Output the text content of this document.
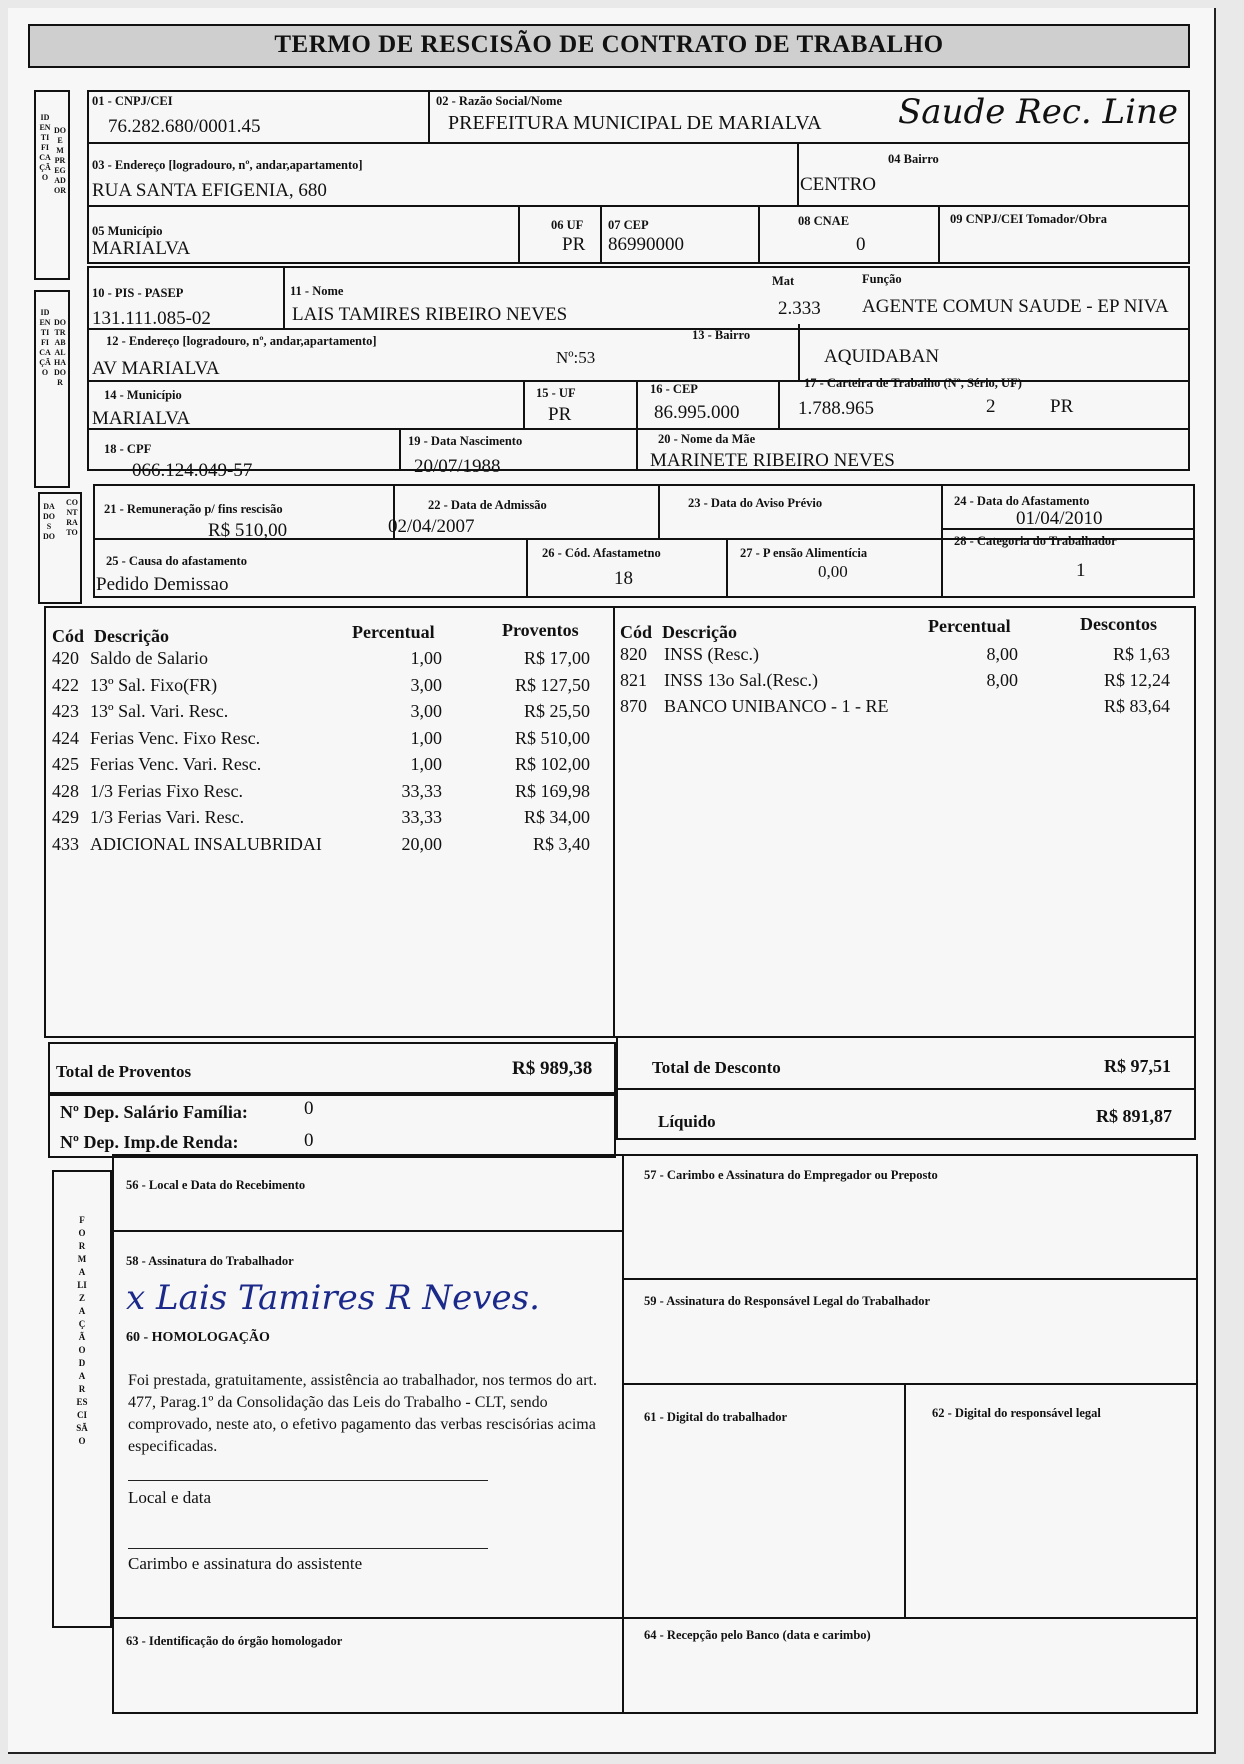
TERMO DE RESCISÃO DE CONTRATO DE TRABALHO
IDENTIFICAÇÃO
DO EMPREGADOR
01 - CNPJ/CEI
76.282.680/0001.45
02 - Razão Social/Nome
PREFEITURA MUNICIPAL DE MARIALVA Saude Rec. Line
03 - Endereço [logradouro, nº, andar,apartamento]
RUA SANTA EFIGENIA, 680
04 Bairro
CENTRO
05 Município
MARIALVA
06 UF
PR
07 CEP
86990000
08 CNAE
0
09 CNPJ/CEI Tomador/Obra
IDENTIFICAÇÃO
DO TRABALHADOR
10 - PIS - PASEP
131.111.085-02
11 - Nome
LAIS TAMIRES RIBEIRO NEVES
Mat
2.333
Função
AGENTE COMUN SAUDE - EP NIVA
12 - Endereço [logradouro, nº, andar,apartamento]
AV MARIALVA
Nº:53
13 - Bairro
AQUIDABAN
14 - Município
MARIALVA
15 - UF
PR
16 - CEP
86.995.000
17 - Carteira de Trabalho (Nº, Sério, UF)
1.788.965	2	PR
18 - CPF
066.124.049-57
19 - Data Nascimento
20/07/1988
20 - Nome da Mãe
MARINETE RIBEIRO NEVES
DADOS DO
CONTRATO
21 - Remuneração p/ fins rescisão
R$ 510,00
22 - Data de Admissão
02/04/2007
23 - Data do Aviso Prévio	24 - Data do Afastamento
01/04/2010
28 - Categoria do Trabalhador
1
25 - Causa do afastamento
Pedido Demissao
26 - Cód. Afastametno
18
27 - P ensão Alimentícia
0,00
Cód Descrição	Percentual	Proventos
420 Saldo de Salario	1,00	R$ 17,00
422 13º Sal. Fixo(FR)	3,00	R$ 127,50
423 13º Sal. Vari. Resc.	3,00	R$ 25,50
424 Ferias Venc. Fixo Resc.	1,00	R$ 510,00
425 Ferias Venc. Vari. Resc.	1,00	R$ 102,00
428 1/3 Ferias Fixo Resc.	33,33	R$ 169,98
429 1/3 Ferias Vari. Resc.	33,33	R$ 34,00
433 ADICIONAL INSALUBRIDAI	20,00	R$ 3,40
Cód Descrição	Percentual	Descontos
820 INSS (Resc.)	8,00	R$ 1,63
821 INSS 13o Sal.(Resc.)	8,00	R$ 12,24
870 BANCO UNIBANCO - 1 - RE	R$ 83,64
Total de Proventos	R$ 989,38	Total de Desconto	R$ 97,51
Nº Dep. Salário Família:	0
Nº Dep. Imp.de Renda:	0
Líquido	R$ 891,87
FORMALIZAÇÃO DA RESCISÃO
56 - Local e Data do Recebimento
57 - Carimbo e Assinatura do Empregador ou Preposto
58 - Assinatura do Trabalhador
x Lais Tamires R Neves.	59 - Assinatura do Responsável Legal do Trabalhador
60 - HOMOLOGAÇÃO
Foi prestada, gratuitamente, assistência ao trabalhador, nos termos do art. 477, Parag.1º da Consolidação das Leis do Trabalho - CLT, sendo comprovado, neste ato, o efetivo pagamento das verbas rescisórias acima especificadas.
Local e data
Carimbo e assinatura do assistente
61 - Digital do trabalhador	62 - Digital do responsável legal
63 - Identificação do órgão homologador	64 - Recepção pelo Banco (data e carimbo)
